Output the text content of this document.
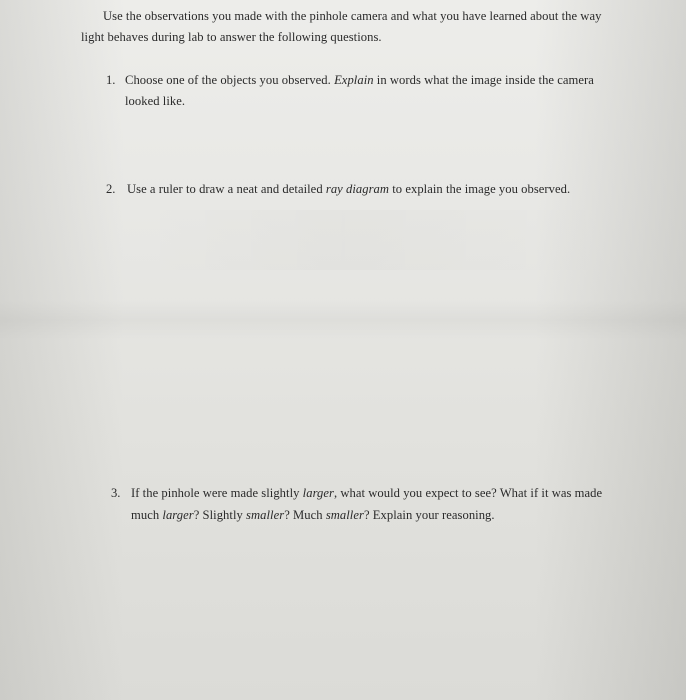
Use the observations you made with the pinhole camera and what you have learned about the way
light behaves during lab to answer the following questions.
1. Choose one of the objects you observed. Explain in words what the image inside the camera
looked like.
2. Use a ruler to draw a neat and detailed ray diagram to explain the image you observed.
3. If the pinhole were made slightly larger, what would you expect to see? What if it was made
much larger? Slightly smaller? Much smaller? Explain your reasoning.
